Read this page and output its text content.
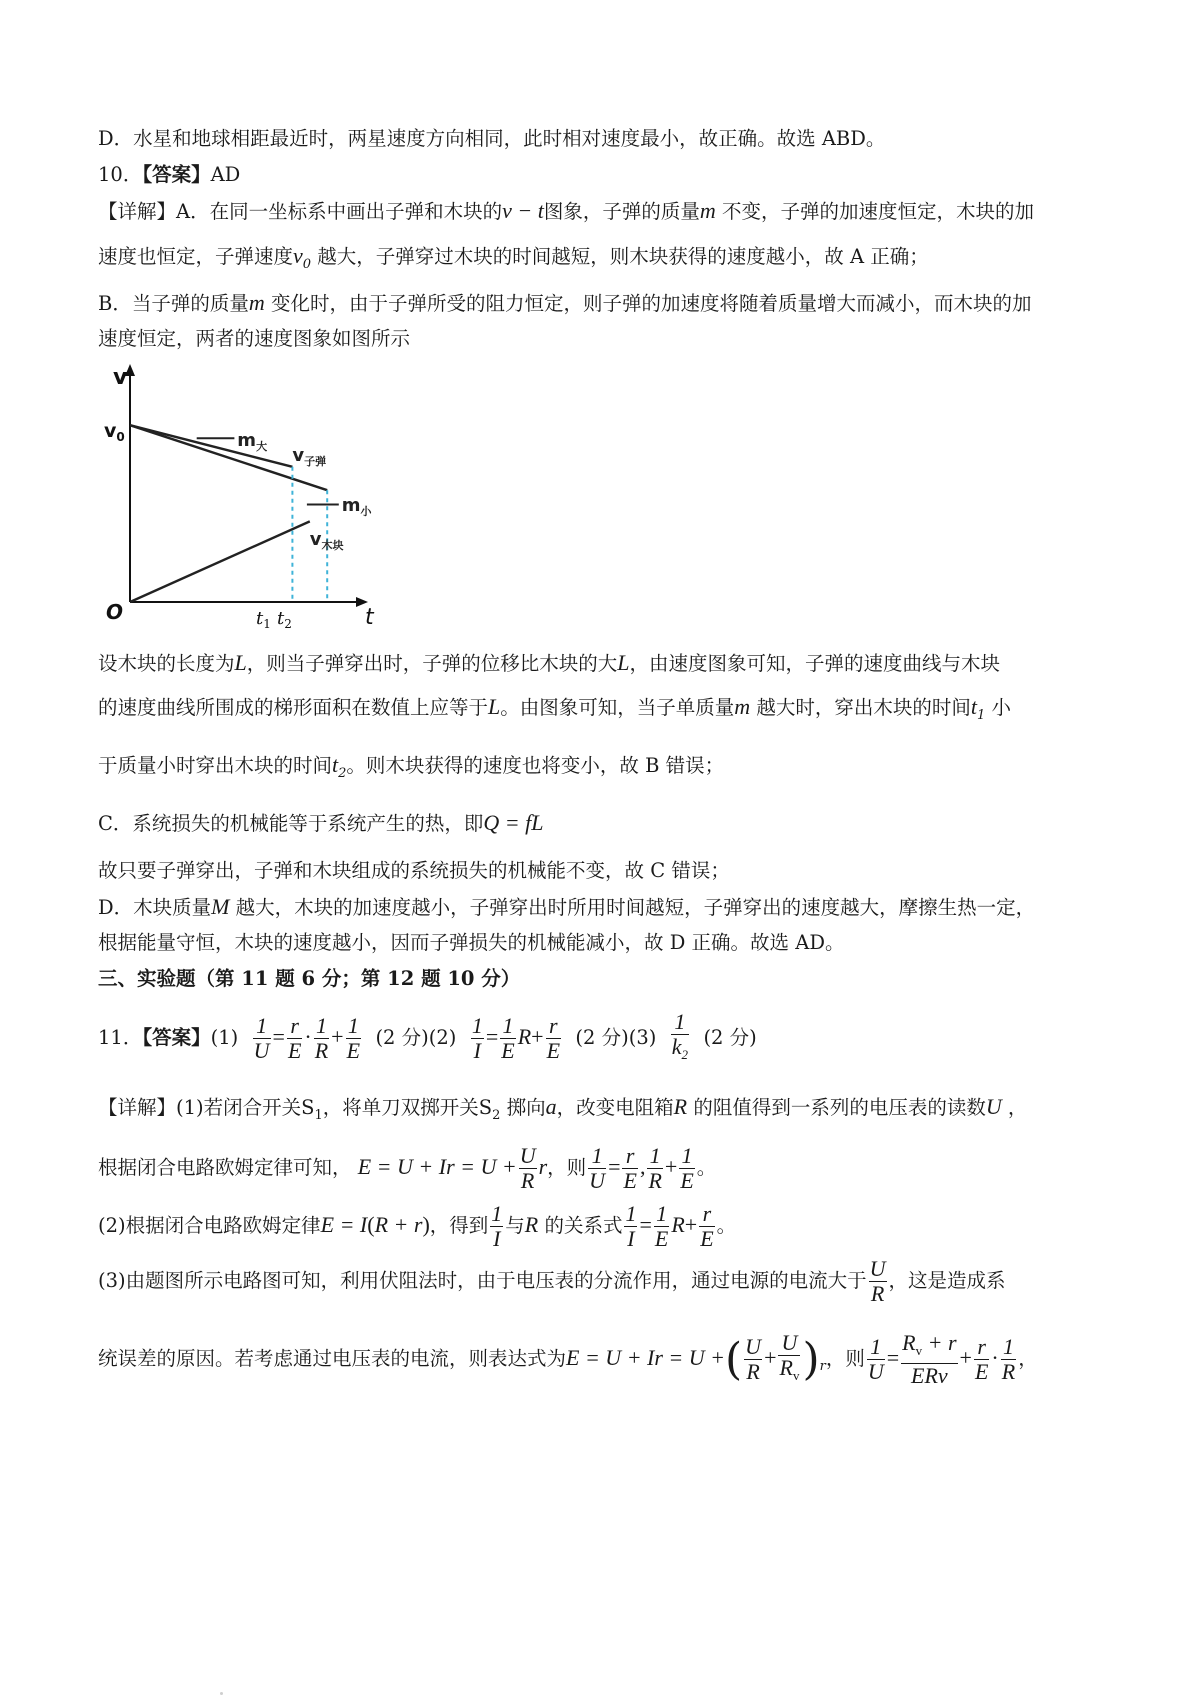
D．水星和地球相距最近时，两星速度方向相同，此时相对速度最小，故正确。故选 ABD。
10．【答案】AD
【详解】A．在同一坐标系中画出子弹和木块的v − t图象，子弹的质量m 不变，子弹的加速度恒定，木块的加
速度也恒定，子弹速度$v_0$ 越大，子弹穿过木块的时间越短，则木块获得的速度越小，故 A 正确；
B．当子弹的质量m 变化时，由于子弹所受的阻力恒定，则子弹的加速度将随着质量增大而减小，而木块的加
速度恒定，两者的速度图象如图所示
$m_大$ $v_{子弹}$
$m_小$
$v_{木块}$
v
$v_0$
O	t
$t_1$ $t_2$
设木块的长度为L，则当子弹穿出时，子弹的位移比木块的大L，由速度图象可知，子弹的速度曲线与木块
的速度曲线所围成的梯形面积在数值上应等于L。由图象可知，当子单质量m 越大时，穿出木块的时间$t_1$ 小
于质量小时穿出木块的时间$t_2$。则木块获得的速度也将变小，故 B 错误；
C．系统损失的机械能等于系统产生的热，即Q = fL
故只要子弹穿出，子弹和木块组成的系统损失的机械能不变，故 C 错误；
D．木块质量M 越大，木块的加速度越小，子弹穿出时所用时间越短，子弹穿出的速度越大，摩擦生热一定，
根据能量守恒，木块的速度越小，因而子弹损失的机械能减小，故 D 正确。故选 AD。
三、实验题（第 11 题 6 分；第 12 题 10 分）
11．【答案】$(1) \frac{1}{U} = \frac{r}{E} \cdot \frac{1}{R} + \frac{1}{E} (2$ 分)$(2) \frac{1}{I} = \frac{1}{E} R+ \frac{r}{E} (2$ 分)$(3) \frac{1}{k_2} (2$ 分)
【详解】(1)若闭合开关$S_1$，将单刀双掷开关$S_2$ 掷向a，改变电阻箱R 的阻值得到一系列的电压表的读数U ，
根据闭合电路欧姆定律可知， $E = U + Ir = U + \frac{U}{R}$ r，则 $\frac{1}{U} = \frac{r}{E}$ , $\frac{1}{R} + \frac{1}{E}$ 。
(2)根据闭合电路欧姆定律E = I(R + r)，得到 $\frac{1}{I}$ 与R 的关系式 $\frac{1}{I} = \frac{1}{E} R+ \frac{r}{E}$ 。
(3)由题图所示电路图可知，利用伏阻法时，由于电压表的分流作用，通过电源的电流大于 $\frac{U}{R}$ ，这是造成系
统误差的原因。若考虑通过电压表的电流，则表达式为E = U + Ir = U +( $\frac{U}{R} + \frac{U}{R_v} )_r$，则 $\frac{1}{U} = \frac{R_v + r}{\text{ERv}} + \frac{r}{E} \cdot \frac{1}{R}$ ，
